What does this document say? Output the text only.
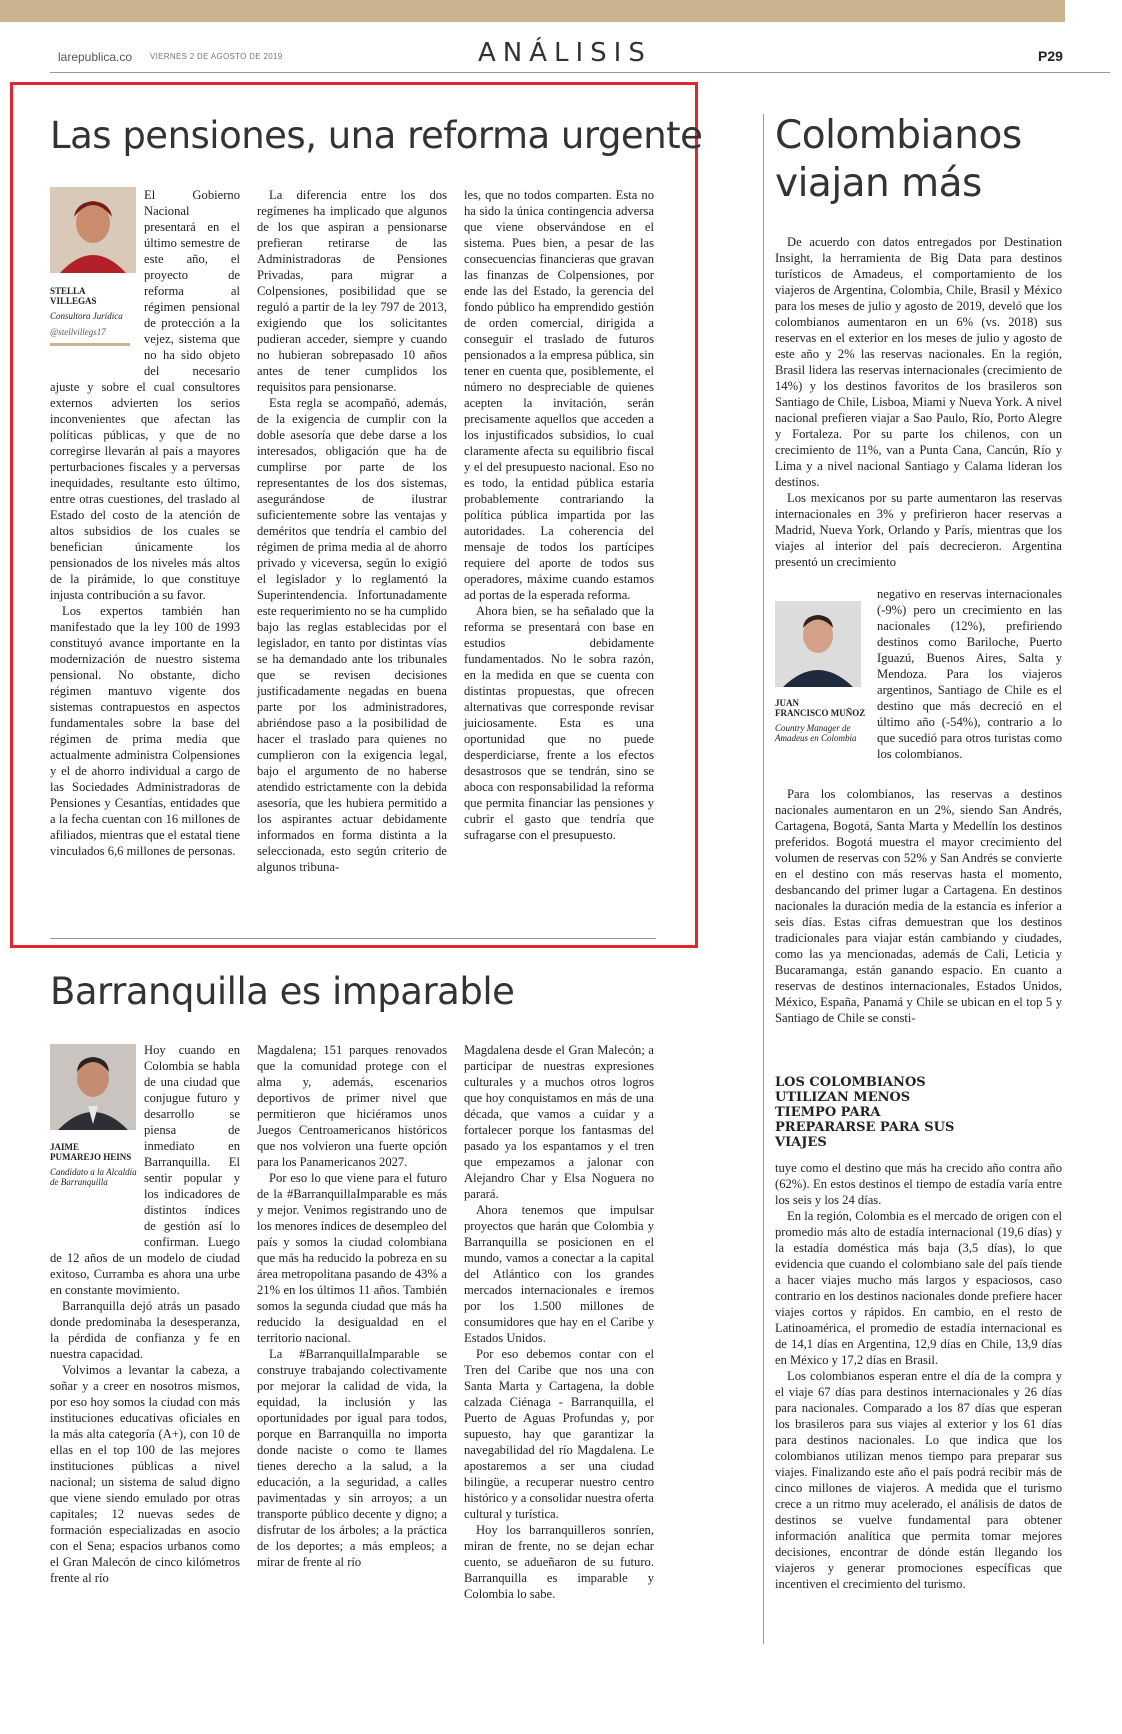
larepublica.co VIERNES 2 DE AGOSTO DE 2019	ANÁLISIS	P29
Las pensiones, una reforma urgente
STELLA
VILLEGAS
Consultora Jurídica
@stellvillegs17

El Gobierno Nacional presentará en el último semestre de este año, el proyecto de reforma al régimen pensional de protección a la vejez, sistema que no ha sido objeto del necesario ajuste y sobre el cual consultores externos advierten los serios inconvenientes que afectan las políticas públicas, y que de no corregirse llevarán al país a mayores perturbaciones fiscales y a perversas inequidades, resultante esto último, entre otras cuestiones, del traslado al Estado del costo de la atención de altos subsidios de los cuales se benefician únicamente los pensionados de los niveles más altos de la pirámide, lo que constituye injusta contribución a su favor.

Los expertos también han manifestado que la ley 100 de 1993 constituyó avance importante en la modernización de nuestro sistema pensional. No obstante, dicho régimen mantuvo vigente dos sistemas contrapuestos en aspectos fundamentales sobre la base del régimen de prima media que actualmente administra Colpensiones y el de ahorro individual a cargo de las Sociedades Administradoras de Pensiones y Cesantías, entidades que a la fecha cuentan con 16 millones de afiliados, mientras que el estatal tiene vinculados 6,6 millones de personas.

La diferencia entre los dos regímenes ha implicado que algunos de los que aspiran a pensionarse prefieran retirarse de las Administradoras de Pensiones Privadas, para migrar a Colpensiones, posibilidad que se reguló a partir de la ley 797 de 2013, exigiendo que los solicitantes pudieran acceder, siempre y cuando no hubieran sobrepasado 10 años antes de tener cumplidos los requisitos para pensionarse.

Esta regla se acompañó, además, de la exigencia de cumplir con la doble asesoría que debe darse a los interesados, obligación que ha de cumplirse por parte de los representantes de los dos sistemas, asegurándose de ilustrar suficientemente sobre las ventajas y deméritos que tendría el cambio del régimen de prima media al de ahorro privado y viceversa, según lo exigió el legislador y lo reglamentó la Superintendencia. Infortunadamente este requerimiento no se ha cumplido bajo las reglas establecidas por el legislador, en tanto por distintas vías se ha demandado ante los tribunales que se revisen decisiones justificadamente negadas en buena parte por los administradores, abriéndose paso a la posibilidad de hacer el traslado para quienes no cumplieron con la exigencia legal, bajo el argumento de no haberse atendido estrictamente con la debida asesoría, que les hubiera permitido a los aspirantes actuar debidamente informados en forma distinta a la seleccionada, esto según criterio de algunos tribuna-

les, que no todos comparten. Esta no ha sido la única contingencia adversa que viene observándose en el sistema. Pues bien, a pesar de las consecuencias financieras que gravan las finanzas de Colpensiones, por ende las del Estado, la gerencia del fondo público ha emprendido gestión de orden comercial, dirigida a conseguir el traslado de futuros pensionados a la empresa pública, sin tener en cuenta que, posiblemente, el número no despreciable de quienes acepten la invitación, serán precisamente aquellos que acceden a los injustificados subsidios, lo cual claramente afecta su equilibrio fiscal y el del presupuesto nacional. Eso no es todo, la entidad pública estaría probablemente contrariando la política pública impartida por las autoridades. La coherencia del mensaje de todos los partícipes requiere del aporte de todos sus operadores, máxime cuando estamos ad portas de la esperada reforma.

Ahora bien, se ha señalado que la reforma se presentará con base en estudios debidamente fundamentados. No le sobra razón, en la medida en que se cuenta con distintas propuestas, que ofrecen alternativas que corresponde revisar juiciosamente. Esta es una oportunidad que no puede desperdiciarse, frente a los efectos desastrosos que se tendrán, sino se aboca con responsabilidad la reforma que permita financiar las pensiones y cubrir el gasto que tendría que sufragarse con el presupuesto.

Barranquilla es imparable
JAIME
PUMAREJO HEINS
Candidato a la Alcaldía de Barranquilla

Hoy cuando en Colombia se habla de una ciudad que conjugue futuro y desarrollo se piensa de inmediato en Barranquilla. El sentir popular y los indicadores de distintos índices de gestión así lo confirman. Luego de 12 años de un modelo de ciudad exitoso, Curramba es ahora una urbe en constante movimiento.

Barranquilla dejó atrás un pasado donde predominaba la desesperanza, la pérdida de confianza y fe en nuestra capacidad.

Volvimos a levantar la cabeza, a soñar y a creer en nosotros mismos, por eso hoy somos la ciudad con más instituciones educativas oficiales en la más alta categoría (A+), con 10 de ellas en el top 100 de las mejores instituciones públicas a nivel nacional; un sistema de salud digno que viene siendo emulado por otras capitales; 12 nuevas sedes de formación especializadas en asocio con el Sena; espacios urbanos como el Gran Malecón de cinco kilómetros frente al río

Magdalena; 151 parques renovados que la comunidad protege con el alma y, además, escenarios deportivos de primer nivel que permitieron que hiciéramos unos Juegos Centroamericanos históricos que nos volvieron una fuerte opción para los Panamericanos 2027.

Por eso lo que viene para el futuro de la #BarranquillaImparable es más y mejor. Venimos registrando uno de los menores índices de desempleo del país y somos la ciudad colombiana que más ha reducido la pobreza en su área metropolitana pasando de 43% a 21% en los últimos 11 años. También somos la segunda ciudad que más ha reducido la desigualdad en el territorio nacional.

La #BarranquillaImparable se construye trabajando colectivamente por mejorar la calidad de vida, la equidad, la inclusión y las oportunidades por igual para todos, porque en Barranquilla no importa donde naciste o como te llames tienes derecho a la salud, a la educación, a la seguridad, a calles pavimentadas y sin arroyos; a un transporte público decente y digno; a disfrutar de los árboles; a la práctica de los deportes; a más empleos; a mirar de frente al río

Magdalena desde el Gran Malecón; a participar de nuestras expresiones culturales y a muchos otros logros que hoy conquistamos en más de una década, que vamos a cuidar y a fortalecer porque los fantasmas del pasado ya los espantamos y el tren que empezamos a jalonar con Alejandro Char y Elsa Noguera no parará.

Ahora tenemos que impulsar proyectos que harán que Colombia y Barranquilla se posicionen en el mundo, vamos a conectar a la capital del Atlántico con los grandes mercados internacionales e iremos por los 1.500 millones de consumidores que hay en el Caribe y Estados Unidos.

Por eso debemos contar con el Tren del Caribe que nos una con Santa Marta y Cartagena, la doble calzada Ciénaga - Barranquilla, el Puerto de Aguas Profundas y, por supuesto, hay que garantizar la navegabilidad del río Magdalena. Le apostaremos a ser una ciudad bilingüe, a recuperar nuestro centro histórico y a consolidar nuestra oferta cultural y turística.

Hoy los barranquilleros sonríen, miran de frente, no se dejan echar cuento, se adueñaron de su futuro. Barranquilla es imparable y Colombia lo sabe.

Colombianos
viajan más

De acuerdo con datos entregados por Destination Insight, la herramienta de Big Data para destinos turísticos de Amadeus, el comportamiento de los viajeros de Argentina, Colombia, Chile, Brasil y México para los meses de julio y agosto de 2019, develó que los colombianos aumentaron en un 6% (vs. 2018) sus reservas en el exterior en los meses de julio y agosto de este año y 2% las reservas nacionales. En la región, Brasil lidera las reservas internacionales (crecimiento de 14%) y los destinos favoritos de los brasileros son Santiago de Chile, Lisboa, Miami y Nueva York. A nivel nacional prefieren viajar a Sao Paulo, Río, Porto Alegre y Fortaleza. Por su parte los chilenos, con un crecimiento de 11%, van a Punta Cana, Cancún, Río y Lima y a nivel nacional Santiago y Calama lideran los destinos.

Los mexicanos por su parte aumentaron las reservas internacionales en 3% y prefirieron hacer reservas a Madrid, Nueva York, Orlando y París, mientras que los viajes al interior del país decrecieron. Argentina presentó un crecimiento

JUAN
FRANCISCO MUÑOZ
Country Manager de Amadeus en Colombia

negativo en reservas internacionales (-9%) pero un crecimiento en las nacionales (12%), prefiriendo destinos como Bariloche, Puerto Iguazú, Buenos Aires, Salta y Mendoza. Para los viajeros argentinos, Santiago de Chile es el destino que más decreció en el último año (-54%), contrario a lo que sucedió para otros turistas como los colombianos.

Para los colombianos, las reservas a destinos nacionales aumentaron en un 2%, siendo San Andrés, Cartagena, Bogotá, Santa Marta y Medellín los destinos preferidos. Bogotá muestra el mayor crecimiento del volumen de reservas con 52% y San Andrés se convierte en el destino con más reservas hasta el momento, desbancando del primer lugar a Cartagena. En destinos nacionales la duración media de la estancia es inferior a seis días. Estas cifras demuestran que los destinos tradicionales para viajar están cambiando y ciudades, como las ya mencionadas, además de Cali, Leticia y Bucaramanga, están ganando espacio. En cuanto a reservas de destinos internacionales, Estados Unidos, México, España, Panamá y Chile se ubican en el top 5 y Santiago de Chile se consti-

LOS COLOMBIANOS UTILIZAN MENOS TIEMPO PARA PREPARARSE PARA SUS VIAJES

tuye como el destino que más ha crecido año contra año (62%). En estos destinos el tiempo de estadía varía entre los seis y los 24 días.

En la región, Colombia es el mercado de origen con el promedio más alto de estadía internacional (19,6 días) y la estadía doméstica más baja (3,5 días), lo que evidencia que cuando el colombiano sale del país tiende a hacer viajes mucho más largos y espaciosos, caso contrario en los destinos nacionales donde prefiere hacer viajes cortos y rápidos. En cambio, en el resto de Latinoamérica, el promedio de estadía internacional es de 14,1 días en Argentina, 12,9 días en Chile, 13,9 días en México y 17,2 días en Brasil.

Los colombianos esperan entre el día de la compra y el viaje 67 días para destinos internacionales y 26 días para nacionales. Comparado a los 87 días que esperan los brasileros para sus viajes al exterior y los 61 días para destinos nacionales. Lo que indica que los colombianos utilizan menos tiempo para preparar sus viajes. Finalizando este año el país podrá recibir más de cinco millones de viajeros. A medida que el turismo crece a un ritmo muy acelerado, el análisis de datos de destinos se vuelve fundamental para obtener información analítica que permita tomar mejores decisiones, encontrar de dónde están llegando los viajeros y generar promociones específicas que incentiven el crecimiento del turismo.
